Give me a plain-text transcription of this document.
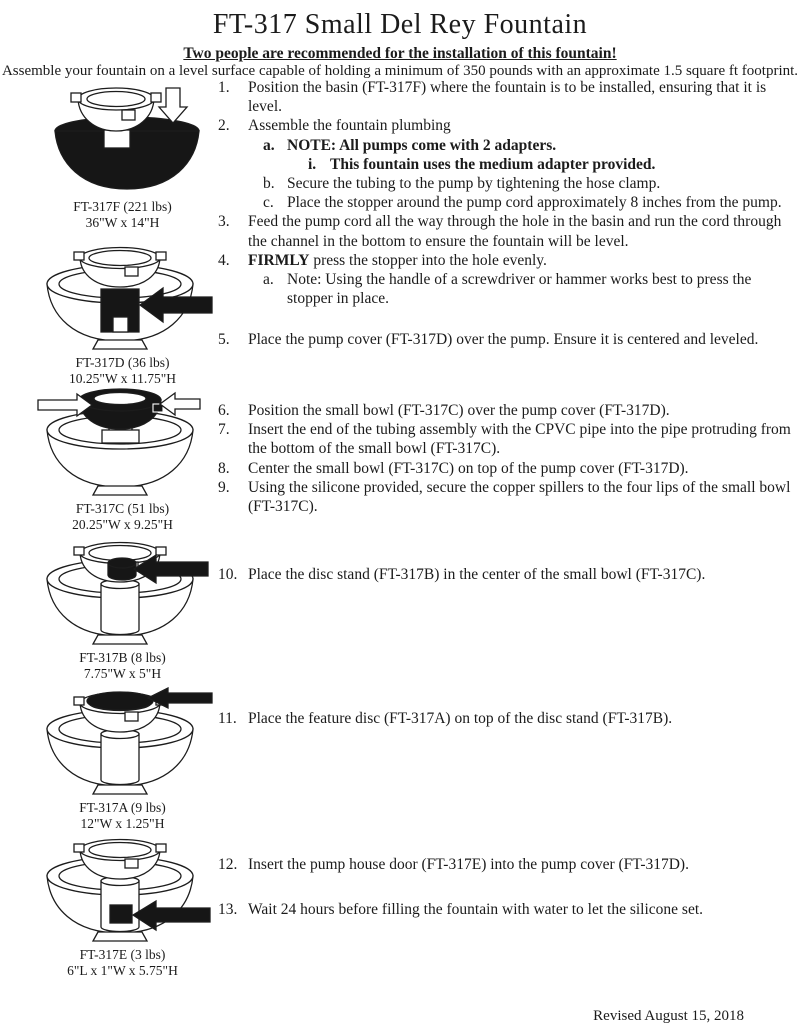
FT-317 Small Del Rey Fountain
Two people are recommended for the installation of this fountain!
Assemble your fountain on a level surface capable of holding a minimum of 350 pounds with an approximate 1.5 square ft footprint.
FT-317F (221 lbs)
36"W x 14"H
FT-317D (36 lbs)
10.25"W x 11.75"H
FT-317C (51 lbs)
20.25"W x 9.25"H
FT-317B (8 lbs)
7.75"W x 5"H
FT-317A (9 lbs)
12"W x 1.25"H
FT-317E (3 lbs)
6"L x 1"W x 5.75"H
1.	Position the basin (FT-317F) where the fountain is to be installed, ensuring that it is level.
2.	Assemble the fountain plumbing
a. NOTE: All pumps come with 2 adapters.
i. This fountain uses the medium adapter provided.
b. Secure the tubing to the pump by tightening the hose clamp.
c. Place the stopper around the pump cord approximately 8 inches from the pump.
3.	Feed the pump cord all the way through the hole in the basin and run the cord through the channel in the bottom to ensure the fountain will be level.
4.	FIRMLY press the stopper into the hole evenly.
a. Note: Using the handle of a screwdriver or hammer works best to press the stopper in place.
5.	Place the pump cover (FT-317D) over the pump. Ensure it is centered and leveled.
6.	Position the small bowl (FT-317C) over the pump cover (FT-317D).
7.	Insert the end of the tubing assembly with the CPVC pipe into the pipe protruding from the bottom of the small bowl (FT-317C).
8.	Center the small bowl (FT-317C) on top of the pump cover (FT-317D).
9.	Using the silicone provided, secure the copper spillers to the four lips of the small bowl (FT-317C).
10. Place the disc stand (FT-317B) in the center of the small bowl (FT-317C).
11. Place the feature disc (FT-317A) on top of the disc stand (FT-317B).
12. Insert the pump house door (FT-317E) into the pump cover (FT-317D).
13. Wait 24 hours before filling the fountain with water to let the silicone set.
Revised August 15, 2018
